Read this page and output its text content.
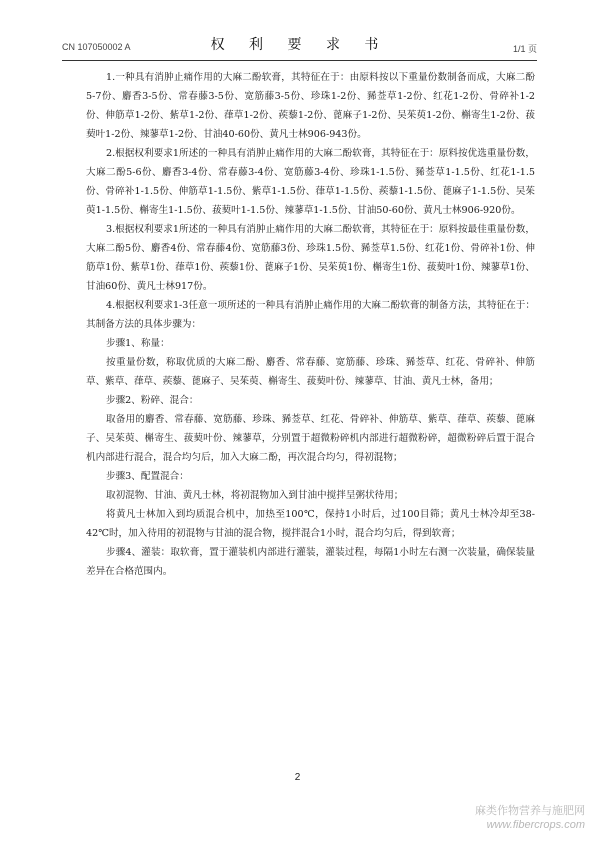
CN 107050002 A	权 利 要 求 书	1/1 页

1.一种具有消肿止痛作用的大麻二酚软膏，其特征在于：由原料按以下重量份数制备而成，大麻二酚5-7份、麝香3-5份、常春藤3-5份、宽筋藤3-5份、珍珠1-2份、豨莶草1-2份、红花1-2份、骨碎补1-2份、伸筋草1-2份、紫草1-2份、葎草1-2份、蒺藜1-2份、蓖麻子1-2份、吴茱萸1-2份、槲寄生1-2份、菝葜叶1-2份、辣蓼草1-2份、甘油40-60份、黄凡士林906-943份。

2.根据权利要求1所述的一种具有消肿止痛作用的大麻二酚软膏，其特征在于：原料按优选重量份数，大麻二酚5-6份、麝香3-4份、常春藤3-4份、宽筋藤3-4份、珍珠1-1.5份、豨莶草1-1.5份、红花1-1.5份、骨碎补1-1.5份、伸筋草1-1.5份、紫草1-1.5份、葎草1-1.5份、蒺藜1-1.5份、蓖麻子1-1.5份、吴茱萸1-1.5份、槲寄生1-1.5份、菝葜叶1-1.5份、辣蓼草1-1.5份、甘油50-60份、黄凡士林906-920份。

3.根据权利要求1所述的一种具有消肿止痛作用的大麻二酚软膏，其特征在于：原料按最佳重量份数，大麻二酚5份、麝香4份、常春藤4份、宽筋藤3份、珍珠1.5份、豨莶草1.5份、红花1份、骨碎补1份、伸筋草1份、紫草1份、葎草1份、蒺藜1份、蓖麻子1份、吴茱萸1份、槲寄生1份、菝葜叶1份、辣蓼草1份、甘油60份、黄凡士林917份。

4.根据权利要求1-3任意一项所述的一种具有消肿止痛作用的大麻二酚软膏的制备方法，其特征在于：其制备方法的具体步骤为：

步骤1、称量：

按重量份数，称取优质的大麻二酚、麝香、常春藤、宽筋藤、珍珠、豨莶草、红花、骨碎补、伸筋草、紫草、葎草、蒺藜、蓖麻子、吴茱萸、槲寄生、菝葜叶份、辣蓼草、甘油、黄凡士林，备用；

步骤2、粉碎、混合：

取备用的麝香、常春藤、宽筋藤、珍珠、豨莶草、红花、骨碎补、伸筋草、紫草、葎草、蒺藜、蓖麻子、吴茱萸、槲寄生、菝葜叶份、辣蓼草，分别置于超微粉碎机内部进行超微粉碎，超微粉碎后置于混合机内部进行混合，混合均匀后，加入大麻二酚，再次混合均匀，得初混物；

步骤3、配置混合：

取初混物、甘油、黄凡士林，将初混物加入到甘油中搅拌呈粥状待用；

将黄凡士林加入到均质混合机中，加热至100℃，保持1小时后，过100目筛；黄凡士林冷却至38-42℃时，加入待用的初混物与甘油的混合物，搅拌混合1小时，混合均匀后，得到软膏；

步骤4、灌装：取软膏，置于灌装机内部进行灌装，灌装过程，每隔1小时左右测一次装量，确保装量差异在合格范围内。

2
麻类作物营养与施肥网
www.fibercrops.com
